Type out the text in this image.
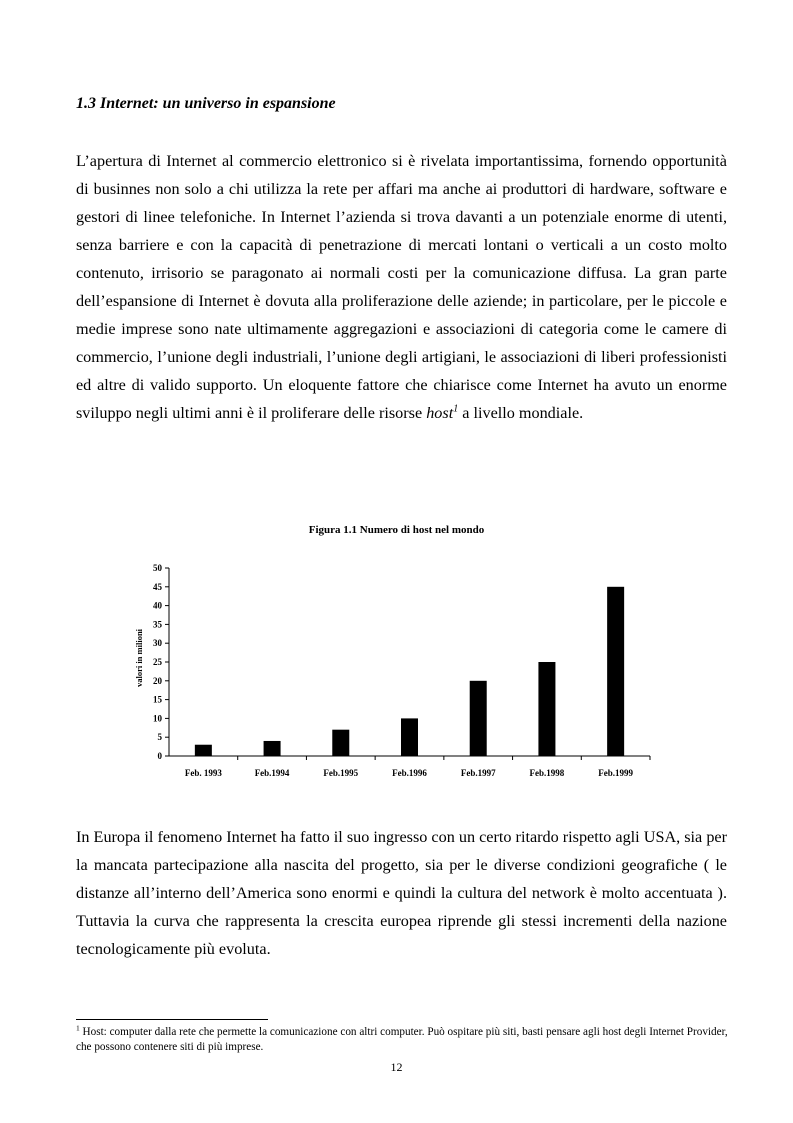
1.3 Internet: un universo in espansione

L’apertura di Internet al commercio elettronico si è rivelata importantissima, fornendo opportunità di businnes non solo a chi utilizza la rete per affari ma anche ai produttori di hardware, software e gestori di linee telefoniche. In Internet l’azienda si trova davanti a un potenziale enorme di utenti, senza barriere e con la capacità di penetrazione di mercati lontani o verticali a un costo molto contenuto, irrisorio se paragonato ai normali costi per la comunicazione diffusa. La gran parte dell’espansione di Internet è dovuta alla proliferazione delle aziende; in particolare, per le piccole e medie imprese sono nate ultimamente aggregazioni e associazioni di categoria come le camere di commercio, l’unione degli industriali, l’unione degli artigiani, le associazioni di liberi professionisti ed altre di valido supporto. Un eloquente fattore che chiarisce come Internet ha avuto un enorme sviluppo negli ultimi anni è il proliferare delle risorse host$^1$ a livello mondiale.

Figura 1.1 Numero di host nel mondo
0
5
10
15
20
25
30
35
40
45
50
valori in milioni
Feb. 1993	Feb.1994	Feb.1995	Feb.1996	Feb.1997	Feb.1998	Feb.1999

In Europa il fenomeno Internet ha fatto il suo ingresso con un certo ritardo rispetto agli USA, sia per la mancata partecipazione alla nascita del progetto, sia per le diverse condizioni geografiche ( le distanze all’interno dell’America sono enormi e quindi la cultura del network è molto accentuata ). Tuttavia la curva che rappresenta la crescita europea riprende gli stessi incrementi della nazione tecnologicamente più evoluta.

$^1$ Host: computer dalla rete che permette la comunicazione con altri computer. Può ospitare più siti, basti pensare agli host degli Internet Provider, che possono contenere siti di più imprese.

12
